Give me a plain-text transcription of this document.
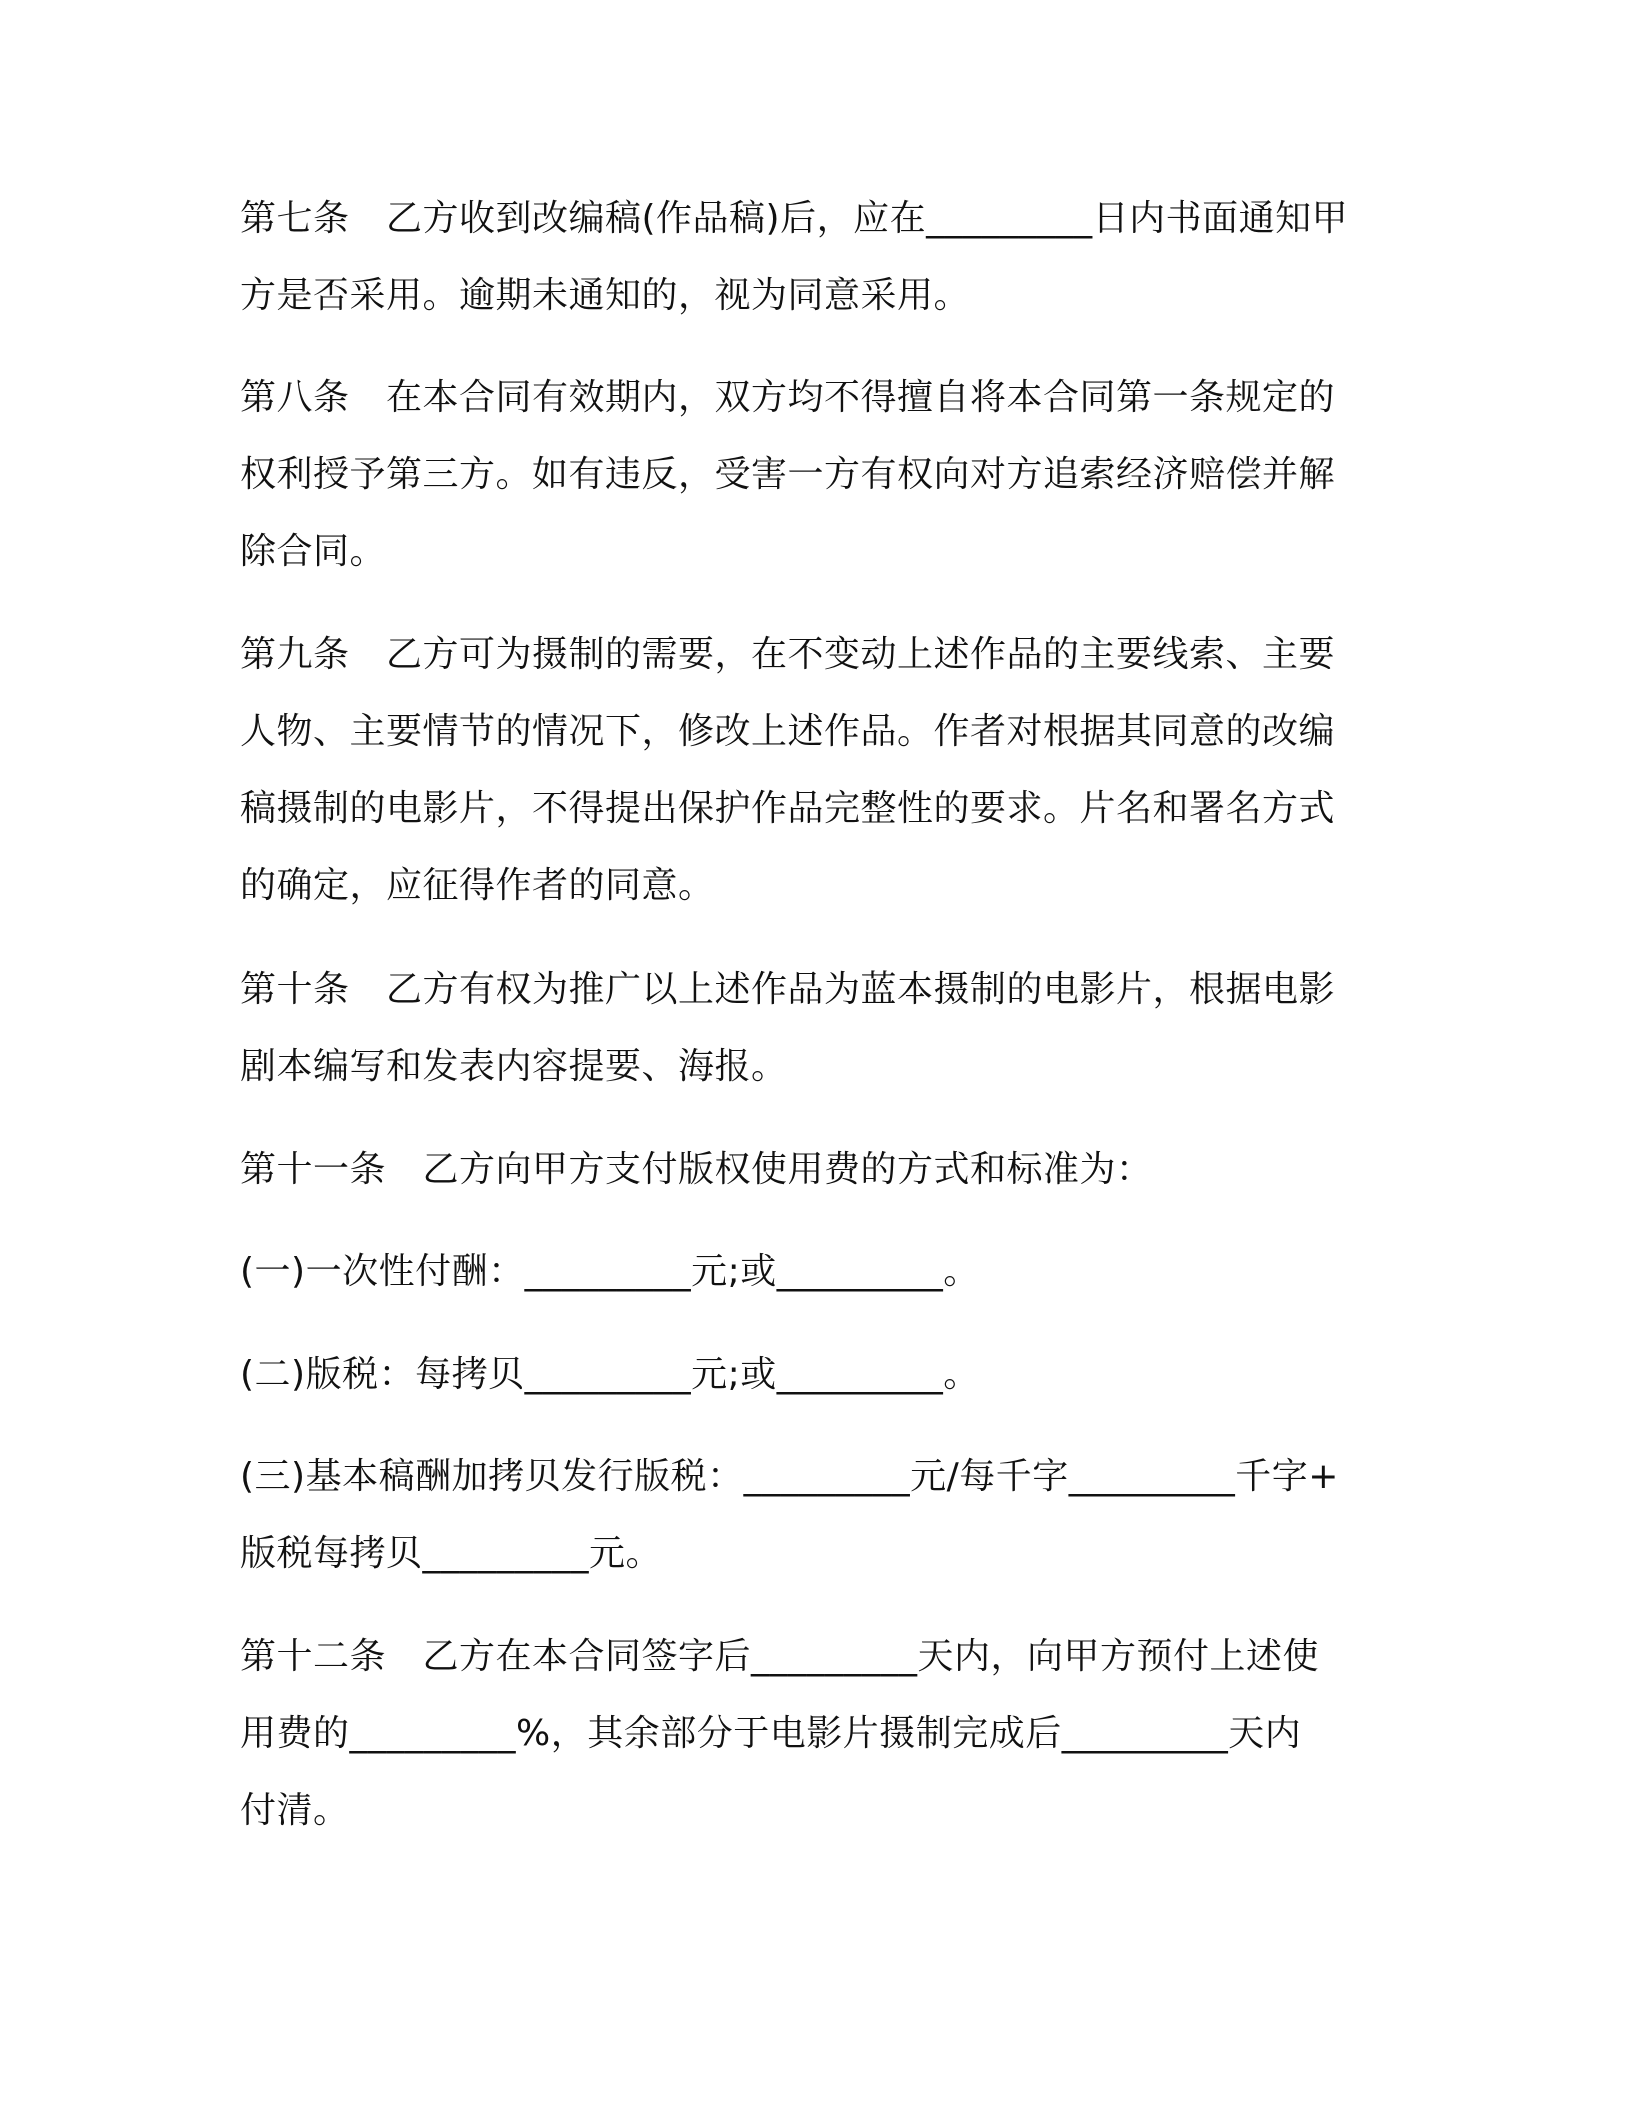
第七条　乙方收到改编稿(作品稿)后，应在_________日内书面通知甲
方是否采用。逾期未通知的，视为同意采用。
第八条　在本合同有效期内，双方均不得擅自将本合同第一条规定的
权利授予第三方。如有违反，受害一方有权向对方追索经济赔偿并解
除合同。
第九条　乙方可为摄制的需要，在不变动上述作品的主要线索、主要
人物、主要情节的情况下，修改上述作品。作者对根据其同意的改编
稿摄制的电影片，不得提出保护作品完整性的要求。片名和署名方式
的确定，应征得作者的同意。
第十条　乙方有权为推广以上述作品为蓝本摄制的电影片，根据电影
剧本编写和发表内容提要、海报。
第十一条　乙方向甲方支付版权使用费的方式和标准为：
(一)一次性付酬：_________元;或_________。
(二)版税：每拷贝_________元;或_________。
(三)基本稿酬加拷贝发行版税：_________元/每千字_________千字+
版税每拷贝_________元。
第十二条　乙方在本合同签字后_________天内，向甲方预付上述使
用费的_________%，其余部分于电影片摄制完成后_________天内
付清。
